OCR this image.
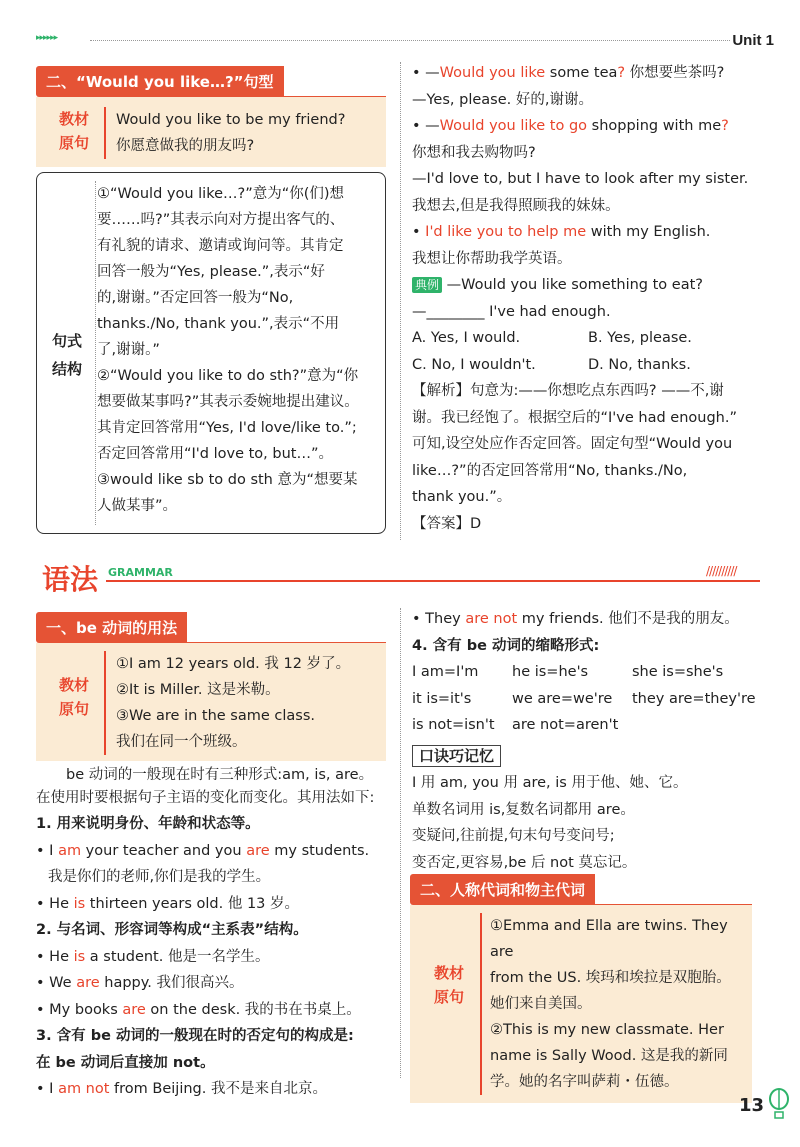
▸▸▸▸▸▸	Unit 1
二、“Would you like…?”句型
教材
原句

Would you like to be my friend?

你愿意做我的朋友吗?

句式
结构

①“Would you like…?”意为“你(们)想

要……吗?”其表示向对方提出客气的、

有礼貌的请求、邀请或询问等。其肯定

回答一般为“Yes, please.”,表示“好

的,谢谢。”否定回答一般为“No,

thanks./No, thank you.”,表示“不用

了,谢谢。”

②“Would you like to do sth?”意为“你

想要做某事吗?”其表示委婉地提出建议。

其肯定回答常用“Yes, I'd love/like to.”;

否定回答常用“I'd love to, but…”。

③would like sb to do sth 意为“想要某

人做某事”。

• —Would you like some tea? 你想要些茶吗?

—Yes, please. 好的,谢谢。

• —Would you like to go shopping with me?

你想和我去购物吗?

—I'd love to, but I have to look after my sister.

我想去,但是我得照顾我的妹妹。

• I'd like you to help me with my English.

我想让你帮助我学英语。

典例 —Would you like something to eat?

—________ I've had enough.

A. Yes, I would.	B. Yes, please.

C. No, I wouldn't.	D. No, thanks.

【解析】句意为:——你想吃点东西吗? ——不,谢

谢。我已经饱了。根据空后的“I've had enough.”

可知,设空处应作否定回答。固定句型“Would you

like…?”的否定回答常用“No, thanks./No,

thank you.”。

【答案】D

语法 GRAMMAR	//////////
一、be 动词的用法
教材
原句

①I am 12 years old. 我 12 岁了。

②It is Miller. 这是米勒。

③We are in the same class.

我们在同一个班级。

be 动词的一般现在时有三种形式:am, is, are。

在使用时要根据句子主语的变化而变化。其用法如下:

1. 用来说明身份、年龄和状态等。

• I am your teacher and you are my students.

我是你们的老师,你们是我的学生。

• He is thirteen years old. 他 13 岁。

2. 与名词、形容词等构成“主系表”结构。

• He is a student. 他是一名学生。

• We are happy. 我们很高兴。

• My books are on the desk. 我的书在书桌上。

3. 含有 be 动词的一般现在时的否定句的构成是:

在 be 动词后直接加 not。

• I am not from Beijing. 我不是来自北京。

• They are not my friends. 他们不是我的朋友。

4. 含有 be 动词的缩略形式:

I am=I'm he is=he's	she is=she's

it is=it's	we are=we're they are=they're

is not=isn't are not=aren't

口诀巧记忆

I 用 am, you 用 are, is 用于他、她、它。

单数名词用 is,复数名词都用 are。

变疑问,往前提,句末句号变问号;

变否定,更容易,be 后 not 莫忘记。

二、人称代词和物主代词
教材
原句

①Emma and Ella are twins. They are

from the US. 埃玛和埃拉是双胞胎。

她们来自美国。

②This is my new classmate. Her

name is Sally Wood. 这是我的新同

学。她的名字叫萨莉・伍德。

13
